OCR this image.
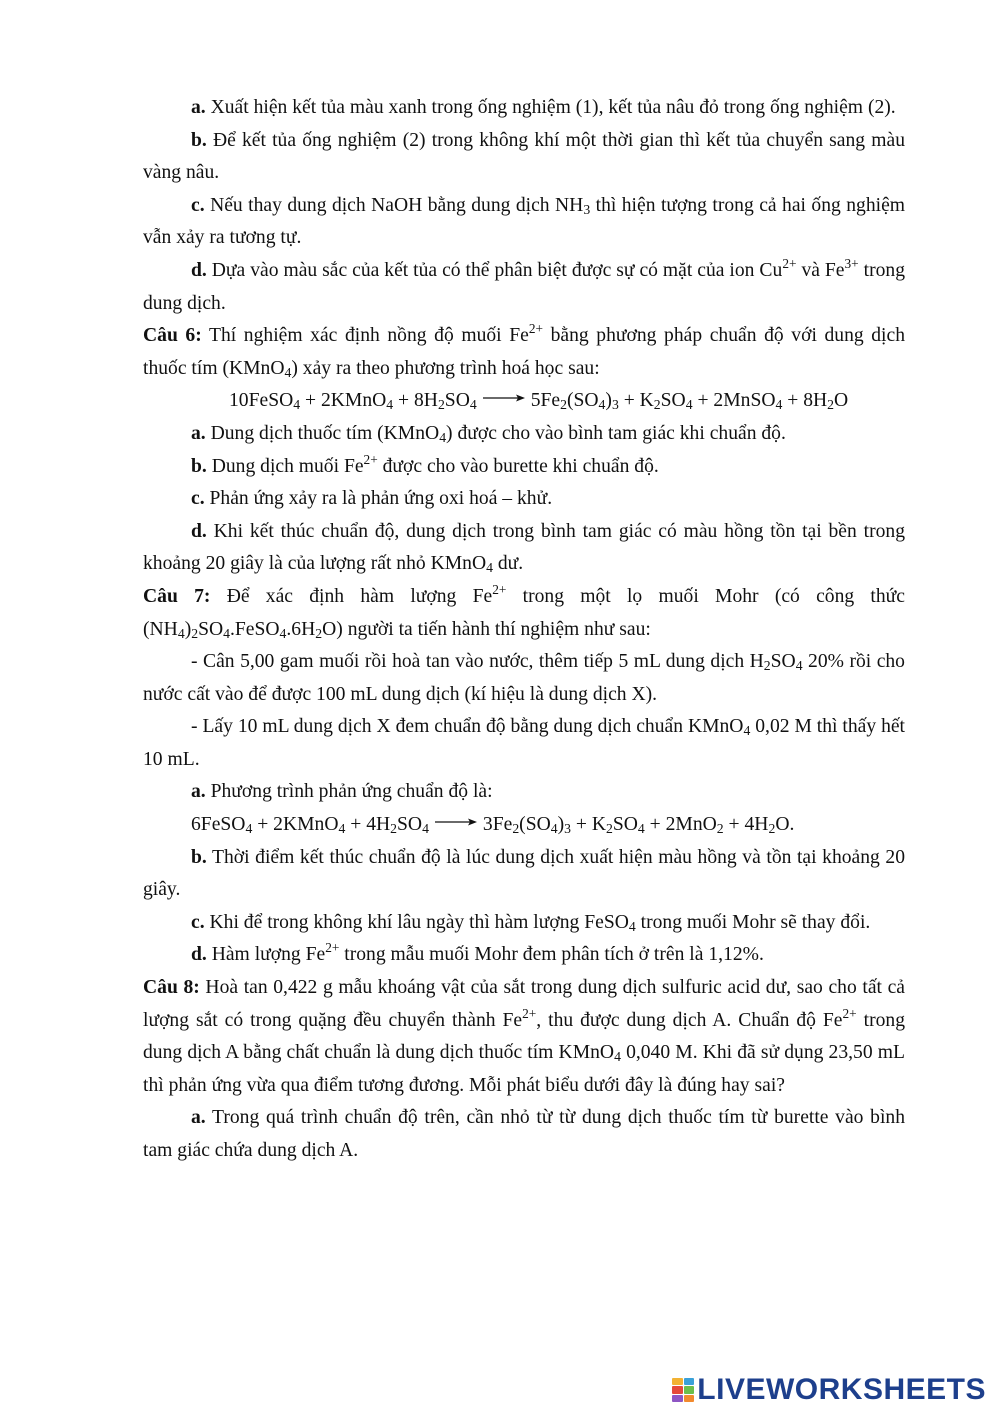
a. Xuất hiện kết tủa màu xanh trong ống nghiệm (1), kết tủa nâu đỏ trong ống nghiệm (2).

b. Để kết tủa ống nghiệm (2) trong không khí một thời gian thì kết tủa chuyển sang màu vàng nâu.

c. Nếu thay dung dịch NaOH bằng dung dịch $NH_3$ thì hiện tượng trong cả hai ống nghiệm vẫn xảy ra tương tự.

d. Dựa vào màu sắc của kết tủa có thể phân biệt được sự có mặt của ion $Cu^{2+}$ và $Fe^{3+}$ trong dung dịch.

Câu 6: Thí nghiệm xác định nồng độ muối $Fe^{2+}$ bằng phương pháp chuẩn độ với dung dịch thuốc tím (KMnO$_4$) xảy ra theo phương trình hoá học sau:

10FeSO$_4$ + 2KMnO$_4$ + $8H_2SO_4 \to 5Fe_2(SO_4)_3 + K_2SO_4$ + 2MnSO$_4$ + $8H_2O$

a. Dung dịch thuốc tím (KMnO$_4$) được cho vào bình tam giác khi chuẩn độ.

b. Dung dịch muối $Fe^{2+}$ được cho vào burette khi chuẩn độ.

c. Phản ứng xảy ra là phản ứng oxi hoá – khử.

d. Khi kết thúc chuẩn độ, dung dịch trong bình tam giác có màu hồng tồn tại bền trong khoảng 20 giây là của lượng rất nhỏ KMnO$_4$ dư.

Câu 7: Để xác định hàm lượng $Fe^{2+}$ trong một lọ muối Mohr (có công thức $(NH_4)_2SO_4.FeSO_4.6H_2O$) người ta tiến hành thí nghiệm như sau:

- Cân 5,00 gam muối rồi hoà tan vào nước, thêm tiếp 5 mL dung dịch $H_2SO_4$ 20% rồi cho nước cất vào để được 100 mL dung dịch (kí hiệu là dung dịch X).

- Lấy 10 mL dung dịch X đem chuẩn độ bằng dung dịch chuẩn KMnO$_4$ 0,02 M thì thấy hết 10 mL.

a. Phương trình phản ứng chuẩn độ là:

6FeSO$_4$ + 2KMnO$_4$ + $4H_2SO_4 \to 3Fe_2(SO_4)_3 + K_2SO_4 + 2MnO_2 + 4H_2O$.

b. Thời điểm kết thúc chuẩn độ là lúc dung dịch xuất hiện màu hồng và tồn tại khoảng 20 giây.

c. Khi để trong không khí lâu ngày thì hàm lượng FeSO$_4$ trong muối Mohr sẽ thay đổi.

d. Hàm lượng $Fe^{2+}$ trong mẫu muối Mohr đem phân tích ở trên là 1,12%.

Câu 8: Hoà tan 0,422 g mẫu khoáng vật của sắt trong dung dịch sulfuric acid dư, sao cho tất cả lượng sắt có trong quặng đều chuyển thành $Fe^{2+}$, thu được dung dịch A. Chuẩn độ $Fe^{2+}$ trong dung dịch A bằng chất chuẩn là dung dịch thuốc tím KMnO$_4$ 0,040 M. Khi đã sử dụng 23,50 mL thì phản ứng vừa qua điểm tương đương. Mỗi phát biểu dưới đây là đúng hay sai?

a. Trong quá trình chuẩn độ trên, cần nhỏ từ từ dung dịch thuốc tím từ burette vào bình tam giác chứa dung dịch A.

LIVEWORKSHEETS
